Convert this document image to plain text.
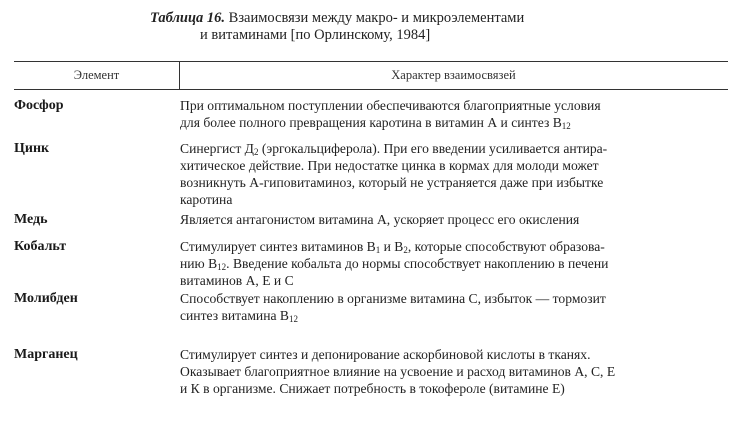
Таблица 16. Взаимосвязи между макро- и микроэлементами
и витаминами [по Орлинскому, 1984]
Элемент	Характер взаимосвязей
Фосфор	При оптимальном поступлении обеспечиваются благоприятные условия

для более полного превращения каротина в витамин А и синтез $В_{12}$

Цинк	Синергист $Д_2$ (эргокальциферола). При его введении усиливается антира-

хитическое действие. При недостатке цинка в кормах для молоди может

возникнуть А-гиповитаминоз, который не устраняется даже при избытке

каротина

Медь	Является антагонистом витамина А, ускоряет процесс его окисления

Кобальт	Стимулирует синтез витаминов $В_1$ и $В_2$, которые способствуют образова-

нию $В_{12}$. Введение кобальта до нормы способствует накоплению в печени

витаминов А, Е и С

Молибден	Способствует накоплению в организме витамина С, избыток — тормозит

синтез витамина $В_{12}$

Марганец	Стимулирует синтез и депонирование аскорбиновой кислоты в тканях.

Оказывает благоприятное влияние на усвоение и расход витаминов А, С, Е

и К в организме. Снижает потребность в токофероле (витамине Е)
